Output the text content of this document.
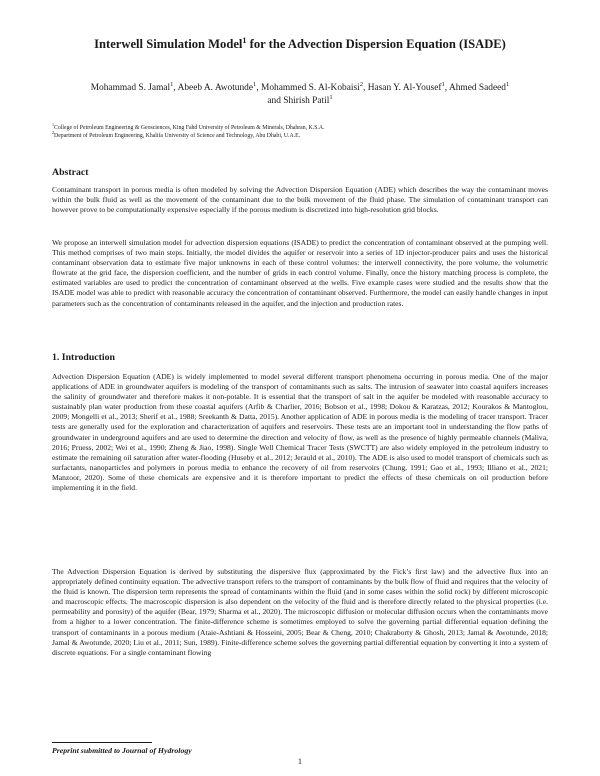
Interwell Simulation Model$^1$ for the Advection Dispersion Equation (ISADE)
Mohammad S. Jamal$^1$, Abeeb A. Awotunde$^1$, Mohammed S. Al-Kobaisi$^2$, Hasan Y. Al-Yousef$^1$, Ahmed Sadeed$^1$
and Shirish Patil$^1$
$^1$College of Petroleum Engineering & Geosciences, King Fahd University of Petroleum & Minerals, Dhahran, K.S.A.
$^2$Department of Petroleum Engineering, Khalifa University of Science and Technology, Abu Dhabi, U.A.E.
Abstract
Contaminant transport in porous media is often modeled by solving the Advection Dispersion Equation (ADE) which describes the way the contaminant moves within the bulk fluid as well as the movement of the contaminant due to the bulk movement of the fluid phase. The simulation of contaminant transport can however prove to be computationally expensive especially if the porous medium is discretized into high-resolution grid blocks.
We propose an interwell simulation model for advection dispersion equations (ISADE) to predict the concentration of contaminant observed at the pumping well. This method comprises of two main steps. Initially, the model divides the aquifer or reservoir into a series of 1D injector-producer pairs and uses the historical contaminant observation data to estimate five major unknowns in each of these control volumes: the interwell connectivity, the pore volume, the volumetric flowrate at the grid face, the dispersion coefficient, and the number of grids in each control volume. Finally, once the history matching process is complete, the estimated variables are used to predict the concentration of contaminant observed at the wells. Five example cases were studied and the results show that the ISADE model was able to predict with reasonable accuracy the concentration of contaminant observed. Furthermore, the model can easily handle changes in input parameters such as the concentration of contaminants released in the aquifer, and the injection and production rates.
1. Introduction
Advection Dispersion Equation (ADE) is widely implemented to model several different transport phenomena occurring in porous media. One of the major applications of ADE in groundwater aquifers is modeling of the transport of contaminants such as salts. The intrusion of seawater into coastal aquifers increases the salinity of groundwater and therefore makes it non-potable. It is essential that the transport of salt in the aquifer be modeled with reasonable accuracy to sustainably plan water production from these coastal aquifers (Arfib & Charlier, 2016; Bobson et al., 1998; Dokou & Karatzas, 2012; Kourakos & Mantoglou, 2009; Mongelli et al., 2013; Sherif et al., 1988; Sreekanth & Datta, 2015). Another application of ADE in porous media is the modeling of tracer transport. Tracer tests are generally used for the exploration and characterization of aquifers and reservoirs. These tests are an important tool in understanding the flow paths of groundwater in underground aquifers and are used to determine the direction and velocity of flow, as well as the presence of highly permeable channels (Maliva, 2016; Pruess, 2002; Wei et al., 1990; Zheng & Jiao, 1998). Single Well Chemical Tracer Tests (SWCTT) are also widely employed in the petroleum industry to estimate the remaining oil saturation after water-flooding (Huseby et al., 2012; Jerauld et al., 2010). The ADE is also used to model transport of chemicals such as surfactants, nanoparticles and polymers in porous media to enhance the recovery of oil from reservoirs (Chung, 1991; Gao et al., 1993; Illiano et al., 2021; Manzoor, 2020). Some of these chemicals are expensive and it is therefore important to predict the effects of these chemicals on oil production before implementing it in the field.
The Advection Dispersion Equation is derived by substituting the dispersive flux (approximated by the Fick’s first law) and the advective flux into an appropriately defined continuity equation. The advective transport refers to the transport of contaminants by the bulk flow of fluid and requires that the velocity of the fluid is known. The dispersion term represents the spread of contaminants within the fluid (and in some cases within the solid rock) by different microscopic and macroscopic effects. The macroscopic dispersion is also dependent on the velocity of the fluid and is therefore directly related to the physical properties (i.e. permeability and porosity) of the aquifer (Bear, 1979; Sharma et al., 2020). The microscopic diffusion or molecular diffusion occurs when the contaminants move from a higher to a lower concentration. The finite-difference scheme is sometimes employed to solve the governing partial differential equation defining the transport of contaminants in a porous medium (Ataie-Ashtiani & Hosseini, 2005; Bear & Cheng, 2010; Chakraborty & Ghosh, 2013; Jamal & Awotunde, 2018; Jamal & Awotunde, 2020; Liu et al., 2011; Sun, 1989). Finite-difference scheme solves the governing partial differential equation by converting it into a system of discrete equations. For a single contaminant flowing
Preprint submitted to Journal of Hydrology
1
